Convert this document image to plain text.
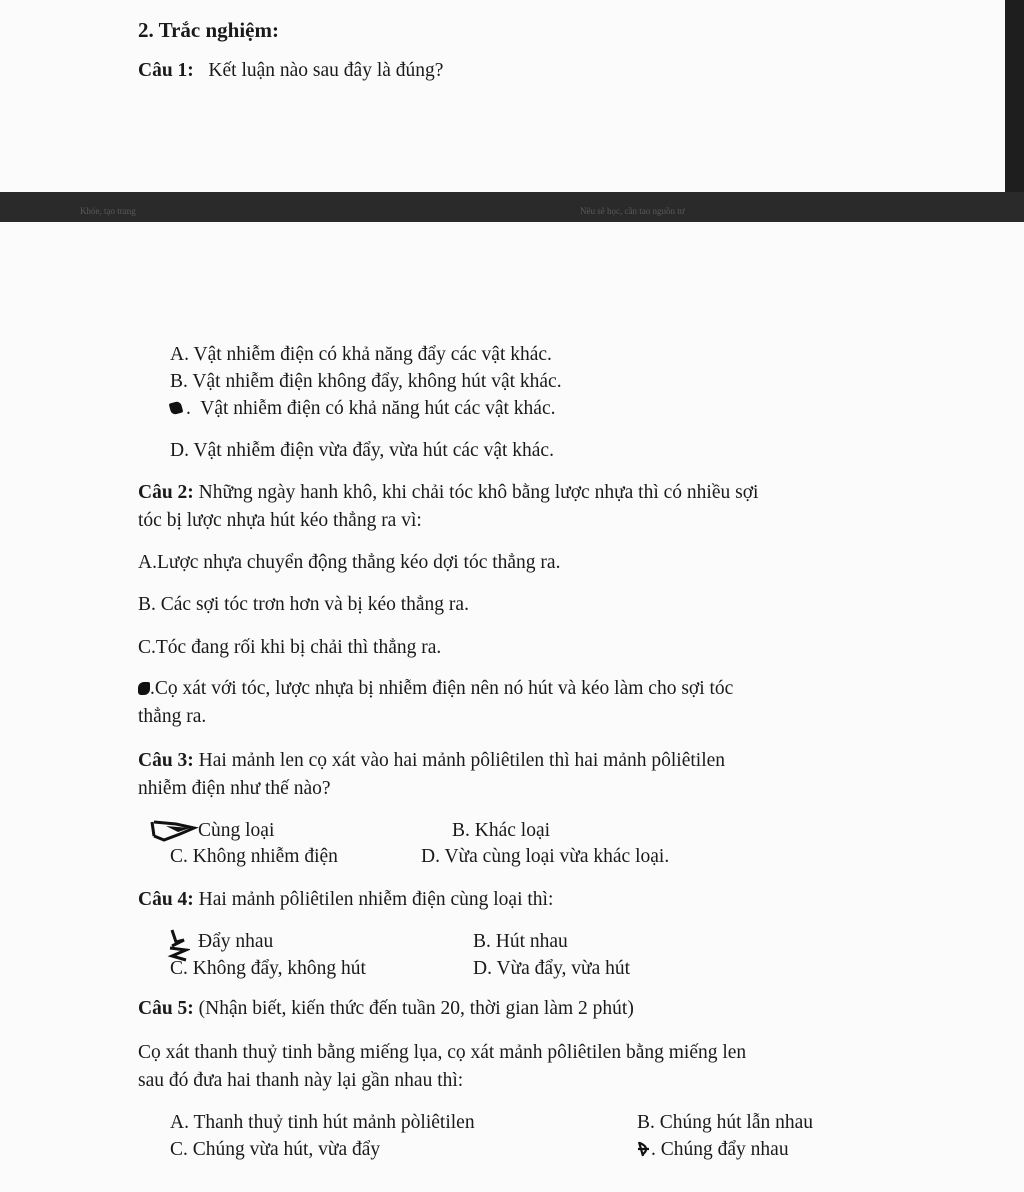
2. Trắc nghiệm:
Câu 1: Kết luận nào sau đây là đúng?
Khóe, tạo trang	Nêu sẽ học, cần tao nguồn tư
A. Vật nhiễm điện có khả năng đẩy các vật khác.
B. Vật nhiễm điện không đẩy, không hút vật khác.
.  Vật nhiễm điện có khả năng hút các vật khác.
D. Vật nhiễm điện vừa đẩy, vừa hút các vật khác.
Câu 2: Những ngày hanh khô, khi chải tóc khô bằng lược nhựa thì có nhiều sợi
tóc bị lược nhựa hút kéo thẳng ra vì:
A.Lược nhựa chuyển động thẳng kéo dợi tóc thẳng ra.
B. Các sợi tóc trơn hơn và bị kéo thẳng ra.
C.Tóc đang rối khi bị chải thì thẳng ra.
.Cọ xát với tóc, lược nhựa bị nhiễm điện nên nó hút và kéo làm cho sợi tóc
thẳng ra.
Câu 3: Hai mảnh len cọ xát vào hai mảnh pôliêtilen thì hai mảnh pôliêtilen
nhiễm điện như thế nào?
Cùng loại	B. Khác loại
C. Không nhiễm điện	D. Vừa cùng loại vừa khác loại.
Câu 4: Hai mảnh pôliêtilen nhiễm điện cùng loại thì:
Đẩy nhau	B. Hút nhau
C. Không đẩy, không hút	D. Vừa đẩy, vừa hút
Câu 5: (Nhận biết, kiến thức đến tuần 20, thời gian làm 2 phút)
Cọ xát thanh thuỷ tinh bằng miếng lụa, cọ xát mảnh pôliêtilen bằng miếng len
sau đó đưa hai thanh này lại gần nhau thì:
A. Thanh thuỷ tinh hút mảnh pòliêtilen	B. Chúng hút lẫn nhau
C. Chúng vừa hút, vừa đẩy	. Chúng đẩy nhau
